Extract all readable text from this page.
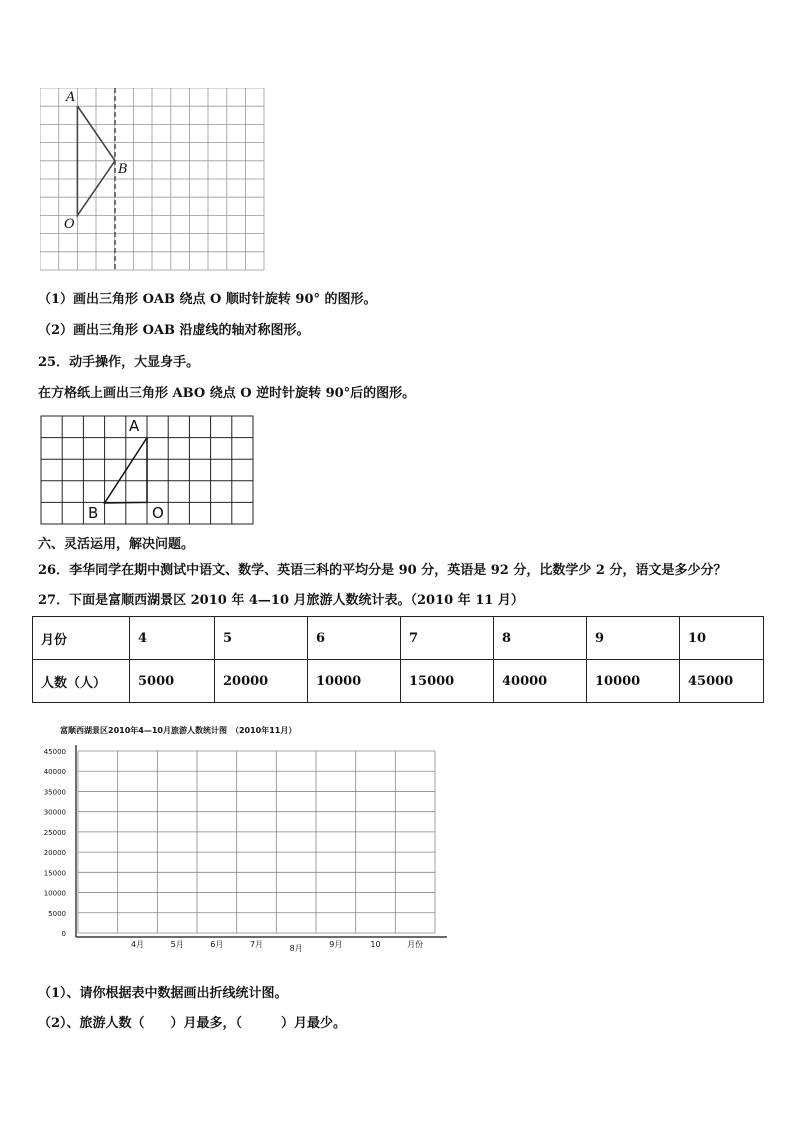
A
B
O
（1）画出三角形 OAB 绕点 O 顺时针旋转 90° 的图形。
（2）画出三角形 OAB 沿虚线的轴对称图形。
25．动手操作，大显身手。
在方格纸上画出三角形 ABO 绕点 O 逆时针旋转 90°后的图形。
A
B	O
六、灵活运用，解决问题。
26．李华同学在期中测试中语文、数学、英语三科的平均分是 90 分，英语是 92 分，比数学少 2 分，语文是多少分？
27．下面是富顺西湖景区 2010 年 4—10 月旅游人数统计表。（2010 年 11 月）
月份	4	5	6	7	8	9	10
人数（人）	5000	20000	10000	15000	40000	10000	45000
富顺西湖景区2010年4—10月旅游人数统计图　（2010年11月）
45000
40000
35000
30000
25000
20000
15000
10000
5000
0
4月	5月	6月	7月	8月	9月	10	月份
（1）、请你根据表中数据画出折线统计图。
（2）、旅游人数（　　）月最多，（　　　）月最少。
